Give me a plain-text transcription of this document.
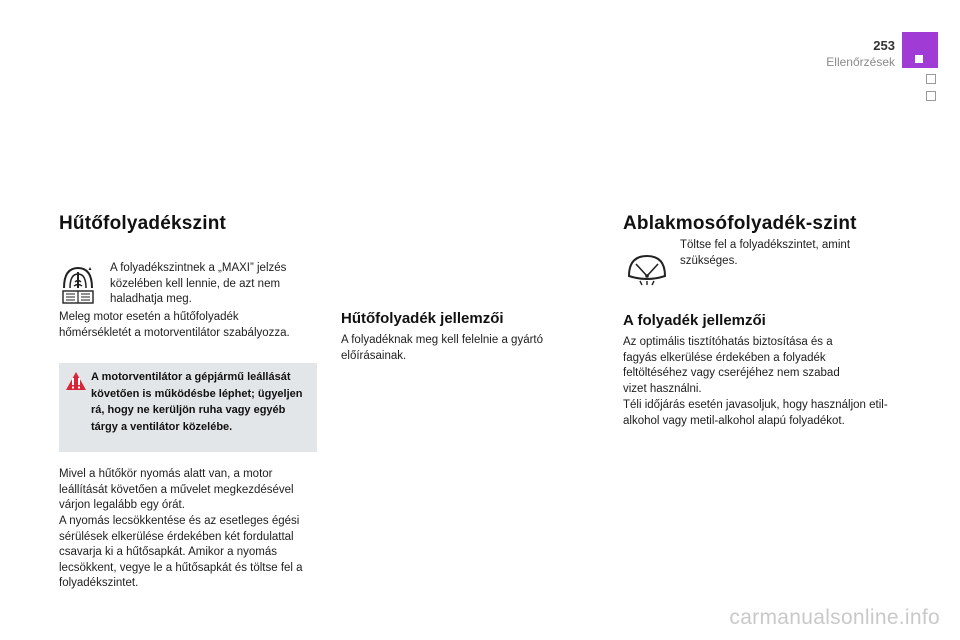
253
Ellenőrzések
Hűtőfolyadékszint
A folyadékszintnek a „MAXI” jelzés közelében kell lennie, de azt nem haladhatja meg.
Meleg motor esetén a hűtőfolyadék
hőmérsékletét a motorventilátor szabályozza.
A motorventilátor a gépjármű leállását követően is működésbe léphet; ügyeljen rá, hogy ne kerüljön ruha vagy egyéb tárgy a ventilátor közelébe.
Mivel a hűtőkör nyomás alatt van, a motor leállítását követően a művelet megkezdésével várjon legalább egy órát.
A nyomás lecsökkentése és az esetleges égési sérülések elkerülése érdekében két fordulattal csavarja ki a hűtősapkát. Amikor a nyomás lecsökkent, vegye le a hűtősapkát és töltse fel a folyadékszintet.
Hűtőfolyadék jellemzői
A folyadéknak meg kell felelnie a gyártó előírásainak.
Ablakmosófolyadék-szint
Töltse fel a folyadékszintet, amint szükséges.
A folyadék jellemzői
Az optimális tisztítóhatás biztosítása és a fagyás elkerülése érdekében a folyadék feltöltéséhez vagy cseréjéhez nem szabad vizet használni.
Téli időjárás esetén javasoljuk, hogy használjon etil-alkohol vagy metil-alkohol alapú folyadékot.
carmanualsonline.info
